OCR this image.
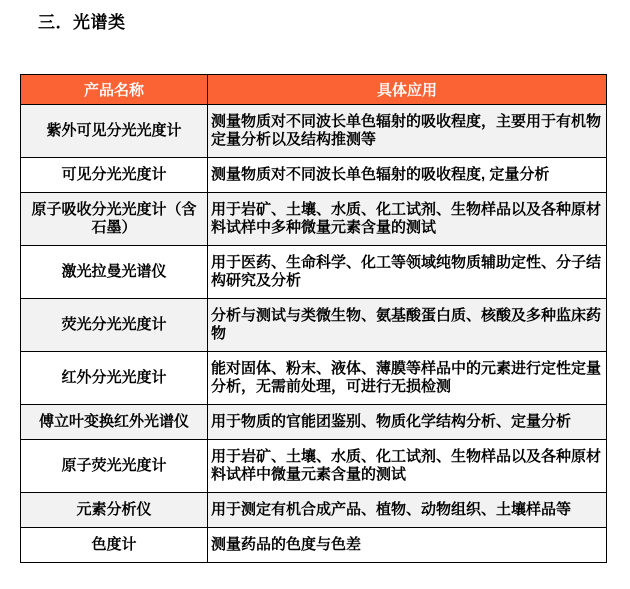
三．光谱类
产品名称	具体应用
紫外可见分光光度计	测量物质对不同波长单色辐射的吸收程度，主要用于有机物定量分析以及结构推测等
可见分光光度计	测量物质对不同波长单色辐射的吸收程度, 定量分析
原子吸收分光光度计（含石墨）	用于岩矿、土壤、水质、化工试剂、生物样品以及各种原材料试样中多种微量元素含量的测试
激光拉曼光谱仪	用于医药、生命科学、化工等领域纯物质辅助定性、分子结构研究及分析
荧光分光光度计	分析与测试与类微生物、氨基酸蛋白质、核酸及多种监床药物
红外分光光度计	能对固体、粉末、液体、薄膜等样品中的元素进行定性定量分析，无需前处理，可进行无损检测
傅立叶变换红外光谱仪	用于物质的官能团鉴别、物质化学结构分析、定量分析
原子荧光光度计	用于岩矿、土壤、水质、化工试剂、生物样品以及各种原材料试样中微量元素含量的测试
元素分析仪	用于测定有机合成产品、植物、动物组织、土壤样品等
色度计	测量药品的色度与色差
